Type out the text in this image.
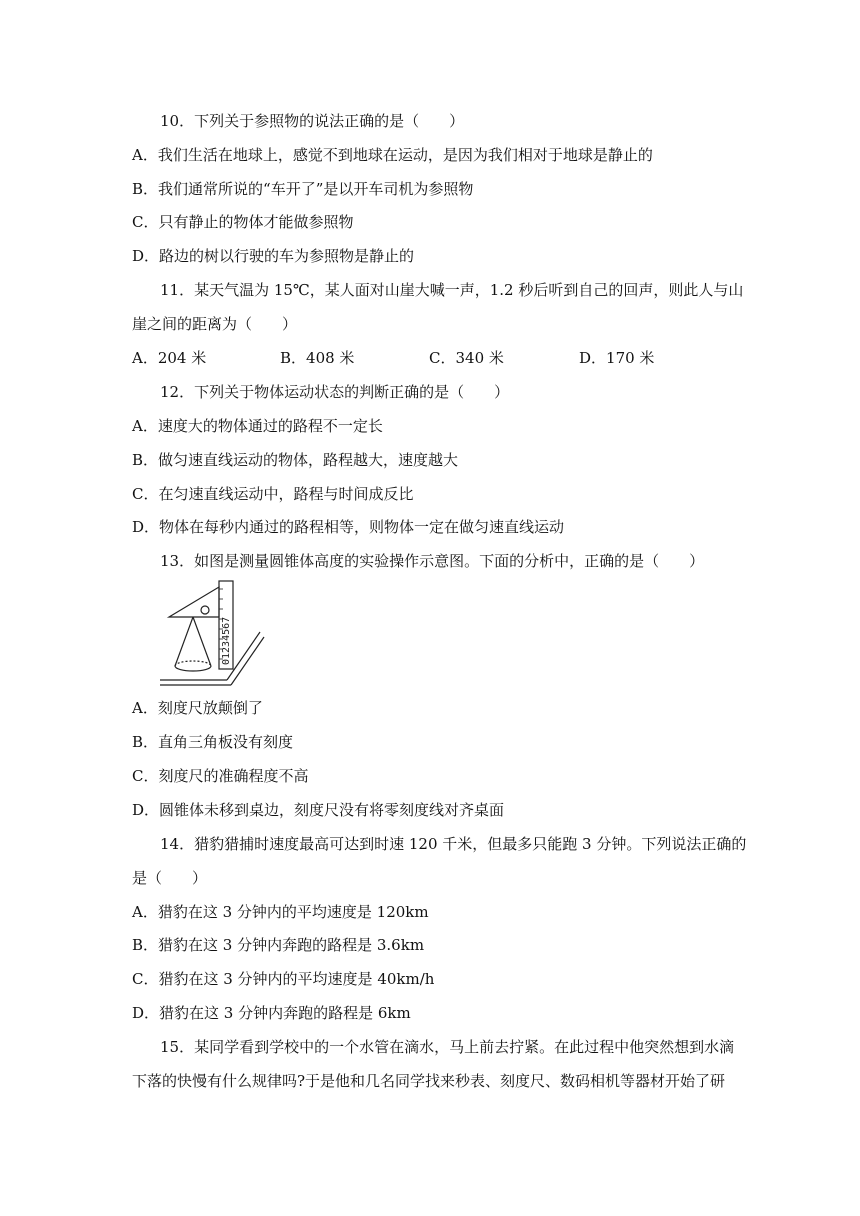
10．下列关于参照物的说法正确的是（　　）
A．我们生活在地球上，感觉不到地球在运动，是因为我们相对于地球是静止的
B．我们通常所说的“车开了”是以开车司机为参照物
C．只有静止的物体才能做参照物
D．路边的树以行驶的车为参照物是静止的
11．某天气温为 15℃，某人面对山崖大喊一声，1.2 秒后听到自己的回声，则此人与山
崖之间的距离为（　　）
A．204 米	B．408 米	C．340 米	D．170 米
12．下列关于物体运动状态的判断正确的是（　　）
A．速度大的物体通过的路程不一定长
B．做匀速直线运动的物体，路程越大，速度越大
C．在匀速直线运动中，路程与时间成反比
D．物体在每秒内通过的路程相等，则物体一定在做匀速直线运动
13．如图是测量圆锥体高度的实验操作示意图。下面的分析中，正确的是（　　）
01234567
A．刻度尺放颠倒了
B．直角三角板没有刻度
C．刻度尺的准确程度不高
D．圆锥体未移到桌边，刻度尺没有将零刻度线对齐桌面
14．猎豹猎捕时速度最高可达到时速 120 千米，但最多只能跑 3 分钟。下列说法正确的
是（　　）
A．猎豹在这 3 分钟内的平均速度是 120km
B．猎豹在这 3 分钟内奔跑的路程是 3.6km
C．猎豹在这 3 分钟内的平均速度是 40km/h
D．猎豹在这 3 分钟内奔跑的路程是 6km
15．某同学看到学校中的一个水管在滴水，马上前去拧紧。在此过程中他突然想到水滴
下落的快慢有什么规律吗?于是他和几名同学找来秒表、刻度尺、数码相机等器材开始了研
